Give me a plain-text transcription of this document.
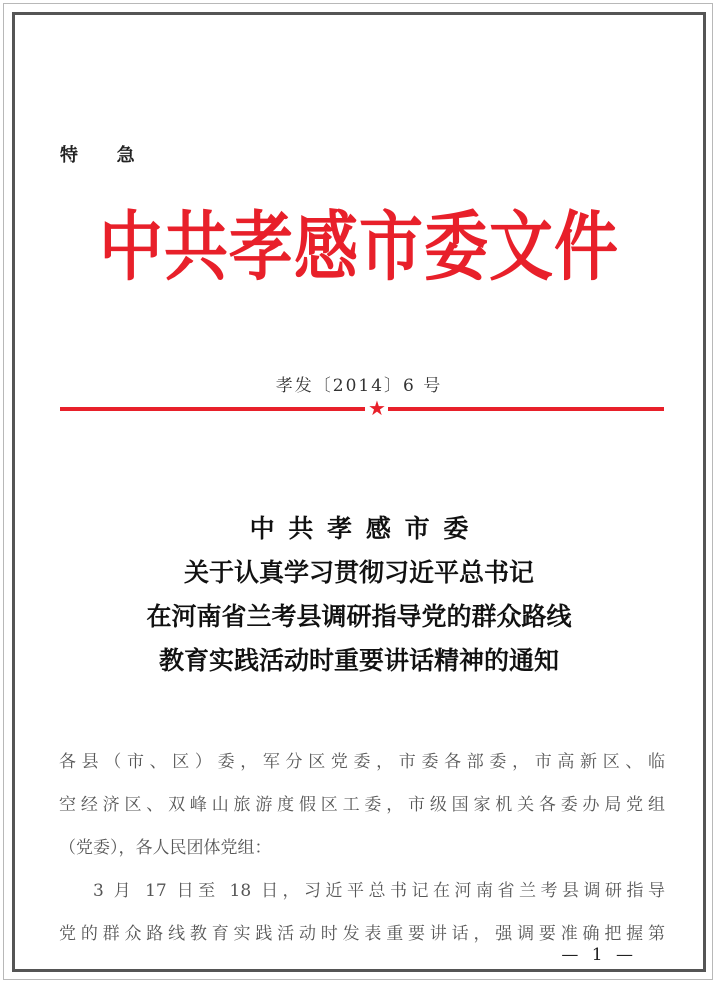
特 急

中共孝感市委文件

孝发〔2014〕6 号

★

中共孝感市委

关于认真学习贯彻习近平总书记

在河南省兰考县调研指导党的群众路线

教育实践活动时重要讲话精神的通知

各县（市、区）委，军分区党委，市委各部委，市高新区、临

空经济区、双峰山旅游度假区工委，市级国家机关各委办局党组

（党委），各人民团体党组：

3 月 17 日至 18 日，习近平总书记在河南省兰考县调研指导

党的群众路线教育实践活动时发表重要讲话，强调要准确把握第

— 1 —
